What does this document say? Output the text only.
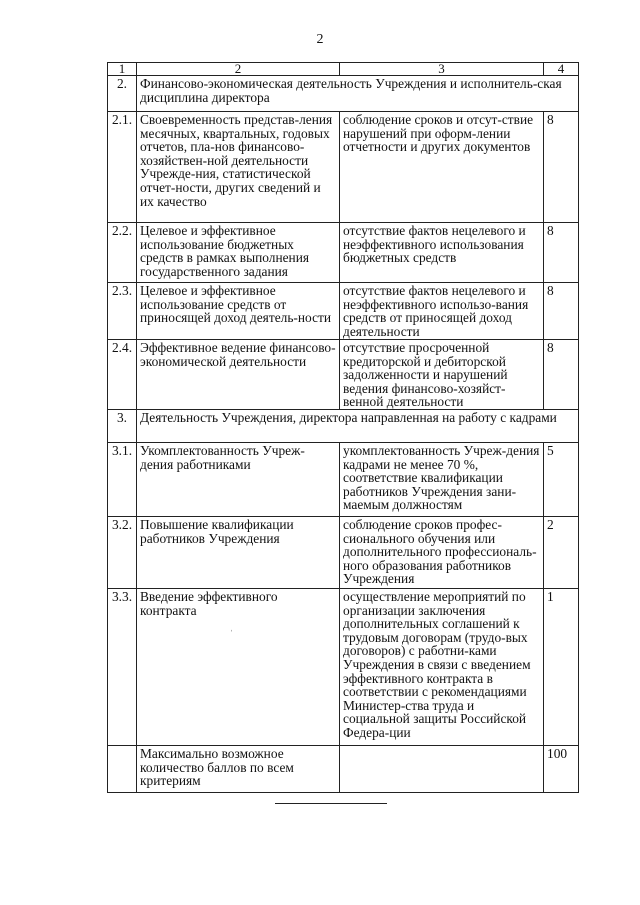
2
1	2	3	4
2.	Финансово-экономическая деятельность Учреждения и исполнитель-ская дисциплина директора		
2.1.	Своевременность представ-ления месячных, квартальных, годовых отчетов, пла-нов финансово-хозяйствен-ной деятельности Учрежде-ния, статистической отчет-ности, других сведений и их качество	соблюдение сроков и отсут-ствие нарушений при оформ-лении отчетности и других документов	8
2.2.	Целевое и эффективное использование бюджетных средств в рамках выполнения государственного задания	отсутствие фактов нецелевого и неэффективного использования бюджетных средств	8
2.3.	Целевое и эффективное использование средств от приносящей доход деятель-ности	отсутствие фактов нецелевого и неэффективного использо-вания средств от приносящей доход деятельности	8
2.4.	Эффективное ведение финансово-экономической деятельности	отсутствие просроченной кредиторской и дебиторской задолженности и нарушений ведения финансово-хозяйст-венной деятельности	8
3.	Деятельность Учреждения, директора направленная на работу с кадрами		
3.1.	Укомплектованность Учреж-дения работниками	укомплектованность Учреж-дения кадрами не менее 70 %, соответствие квалификации работников Учреждения зани-маемым должностям	5
3.2.	Повышение квалификации работников Учреждения	соблюдение сроков профес-сионального обучения или дополнительного профессиональ-ного образования работников Учреждения	2
3.3.	Введение эффективного контракта	осуществление мероприятий по организации заключения дополнительных соглашений к трудовым договорам (трудо-вых договоров) с работни-ками Учреждения в связи с введением эффективного контракта в соответствии с рекомендациями Министер-ства труда и социальной защиты Российской Федера-ции	1
	Максимально возможное количество баллов по всем критериям		100
ˈ
